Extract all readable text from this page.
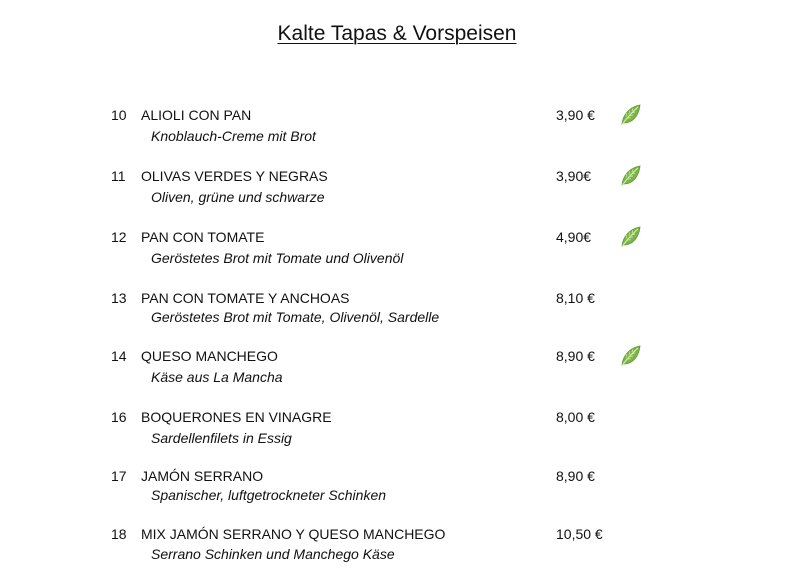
Kalte Tapas & Vorspeisen
10 ALIOLI CON PAN
Knoblauch-Creme mit Brot
3,90 €
11 OLIVAS VERDES Y NEGRAS
Oliven, grüne und schwarze
3,90€
12 PAN CON TOMATE
Geröstetes Brot mit Tomate und Olivenöl
4,90€
13 PAN CON TOMATE Y ANCHOAS
Geröstetes Brot mit Tomate, Olivenöl, Sardelle
8,10 €
14 QUESO MANCHEGO
Käse aus La Mancha
8,90 €
16 BOQUERONES EN VINAGRE
Sardellenfilets in Essig
8,00 €
17 JAMÓN SERRANO
Spanischer, luftgetrockneter Schinken
8,90 €
18 MIX JAMÓN SERRANO Y QUESO MANCHEGO
Serrano Schinken und Manchego Käse
10,50 €
